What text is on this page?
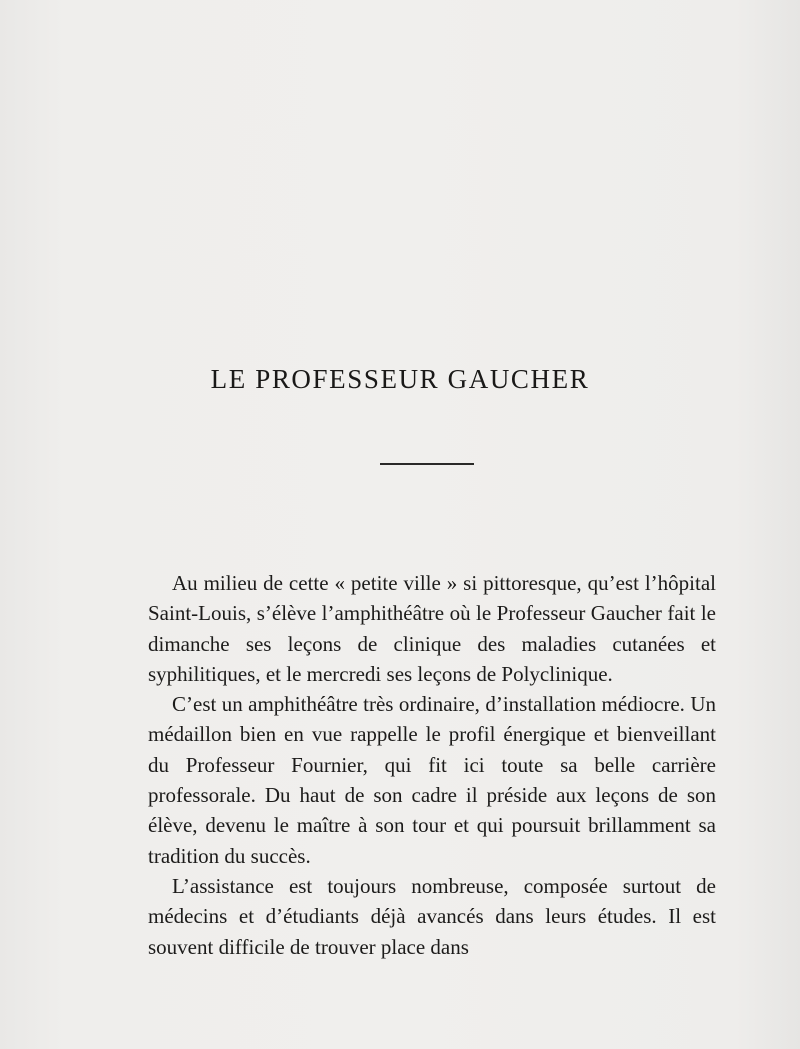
LE PROFESSEUR GAUCHER

Au milieu de cette « petite ville » si pittoresque, qu’est l’hôpital Saint-Louis, s’élève l’amphithéâtre où le Professeur Gaucher fait le dimanche ses leçons de clinique des maladies cutanées et syphilitiques, et le mercredi ses leçons de Polyclinique.

C’est un amphithéâtre très ordinaire, d’installation médiocre. Un médaillon bien en vue rappelle le profil énergique et bienveillant du Professeur Fournier, qui fit ici toute sa belle carrière professorale. Du haut de son cadre il préside aux leçons de son élève, devenu le maître à son tour et qui poursuit brillamment sa tradition du succès.

L’assistance est toujours nombreuse, composée surtout de médecins et d’étudiants déjà avancés dans leurs études. Il est souvent difficile de trouver place dans
